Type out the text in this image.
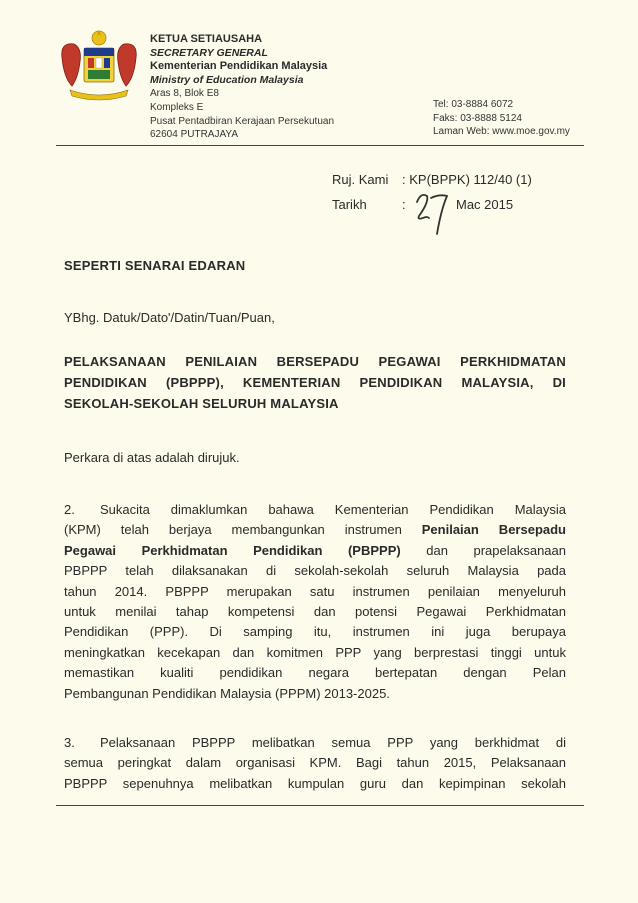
KETUA SETIAUSAHA
SECRETARY GENERAL
Kementerian Pendidikan Malaysia
Ministry of Education Malaysia
Aras 8, Blok E8
Kompleks E
Pusat Pentadbiran Kerajaan Persekutuan
62604 PUTRAJAYA
Tel: 03-8884 6072
Faks: 03-8888 5124
Laman Web: www.moe.gov.my
Ruj. Kami : KP(BPPK) 112/40 (1)
Tarikh	:	Mac 2015
SEPERTI SENARAI EDARAN
YBhg. Datuk/Dato'/Datin/Tuan/Puan,
PELAKSANAAN PENILAIAN BERSEPADU PEGAWAI PERKHIDMATAN
PENDIDIKAN (PBPPP), KEMENTERIAN PENDIDIKAN MALAYSIA, DI
SEKOLAH-SEKOLAH SELURUH MALAYSIA
Perkara di atas adalah dirujuk.
2. Sukacita dimaklumkan bahawa Kementerian Pendidikan Malaysia
(KPM) telah berjaya membangunkan instrumen Penilaian Bersepadu
Pegawai Perkhidmatan Pendidikan (PBPPP) dan prapelaksanaan
PBPPP telah dilaksanakan di sekolah-sekolah seluruh Malaysia pada
tahun 2014. PBPPP merupakan satu instrumen penilaian menyeluruh
untuk menilai tahap kompetensi dan potensi Pegawai Perkhidmatan
Pendidikan (PPP). Di samping itu, instrumen ini juga berupaya
meningkatkan kecekapan dan komitmen PPP yang berprestasi tinggi untuk
memastikan kualiti pendidikan negara bertepatan dengan Pelan
Pembangunan Pendidikan Malaysia (PPPM) 2013-2025.
3. Pelaksanaan PBPPP melibatkan semua PPP yang berkhidmat di
semua peringkat dalam organisasi KPM. Bagi tahun 2015, Pelaksanaan
PBPPP sepenuhnya melibatkan kumpulan guru dan kepimpinan sekolah
